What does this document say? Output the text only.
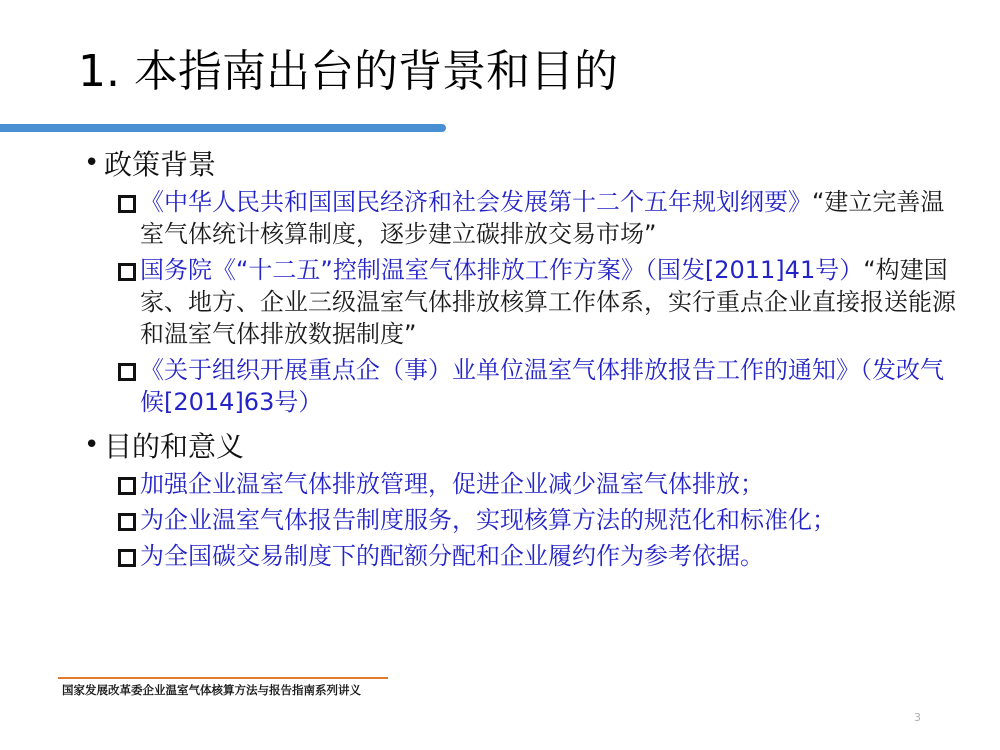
1. 本指南出台的背景和目的
• 政策背景
《中华人民共和国国民经济和社会发展第十二个五年规划纲要》“建立完善温室气体统计核算制度，逐步建立碳排放交易市场”
国务院《“十二五”控制温室气体排放工作方案》（国发[2011]41号）“构建国家、地方、企业三级温室气体排放核算工作体系，实行重点企业直接报送能源和温室气体排放数据制度”
《关于组织开展重点企（事）业单位温室气体排放报告工作的通知》（发改气候[2014]63号）
• 目的和意义
加强企业温室气体排放管理，促进企业减少温室气体排放；
为企业温室气体报告制度服务，实现核算方法的规范化和标准化；
为全国碳交易制度下的配额分配和企业履约作为参考依据。
国家发展改革委企业温室气体核算方法与报告指南系列讲义
3
